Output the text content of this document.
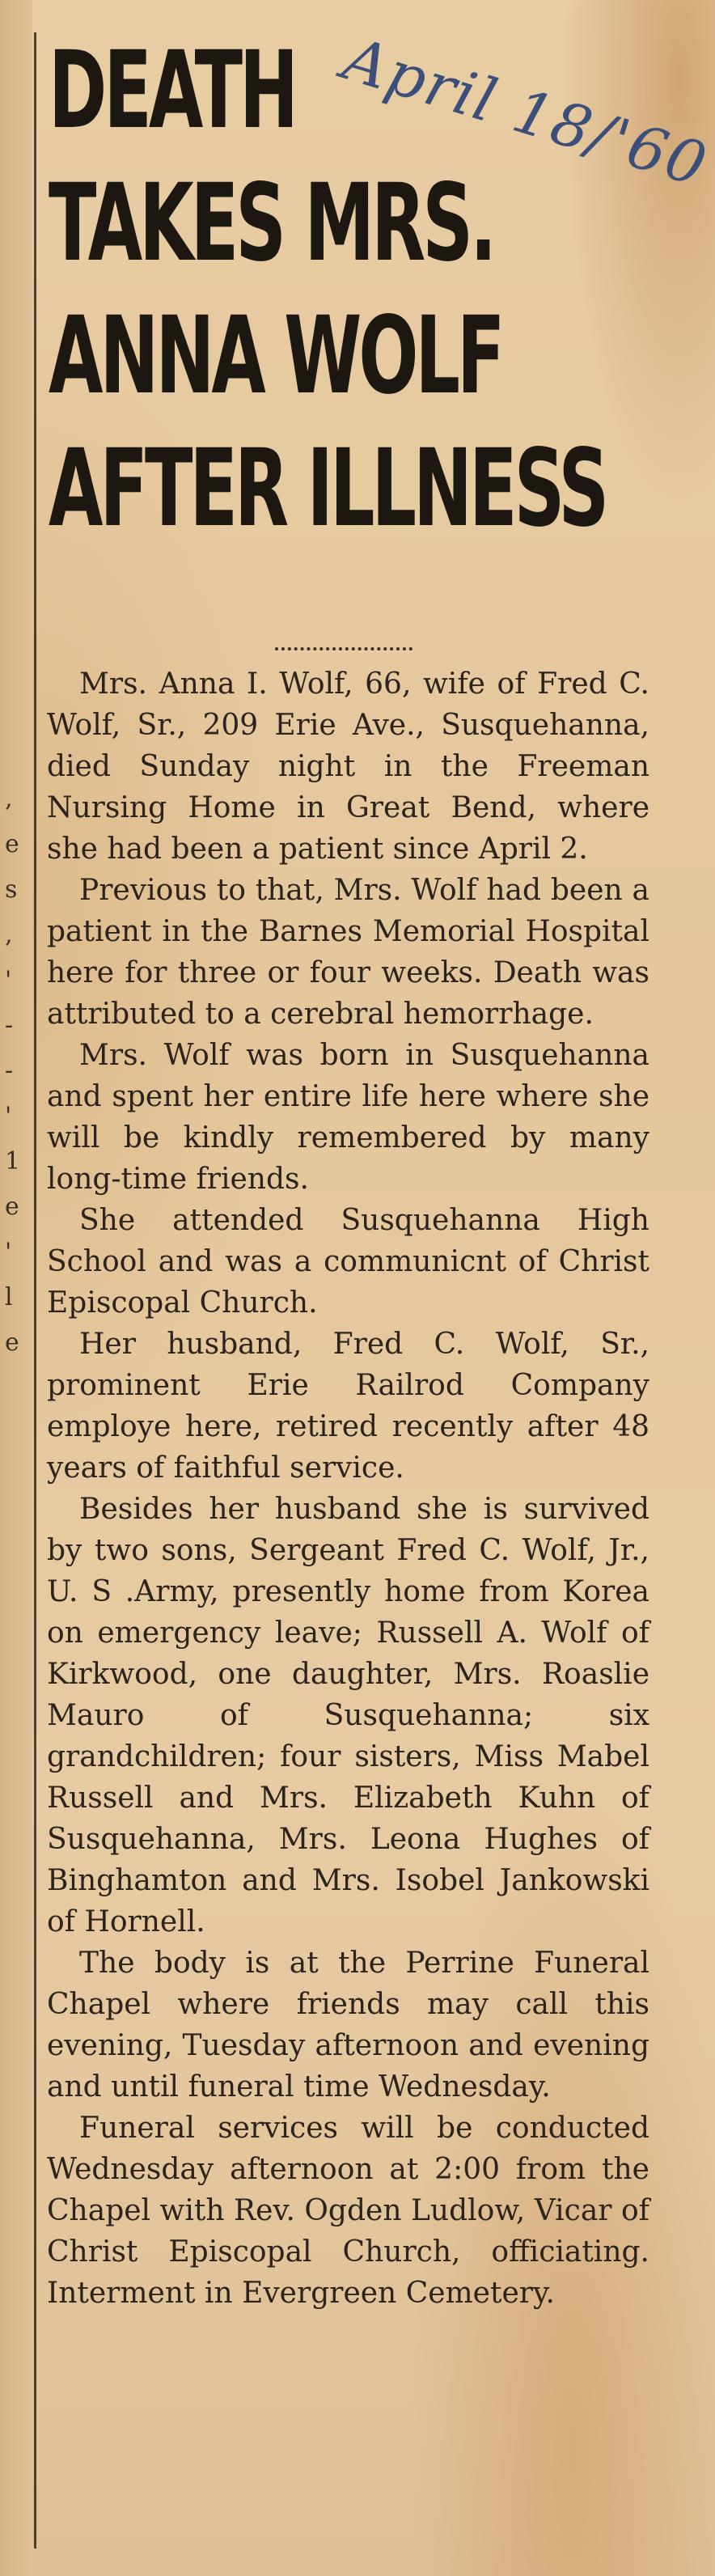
,
e
s
,
'
-
-
'
1
e
'
l
e
April 18/'60
DEATH
TAKES MRS.
ANNA WOLF
AFTER ILLNESS

Mrs. Anna I. Wolf, 66, wife of Fred C. Wolf, Sr., 209 Erie Ave., Susquehanna, died Sunday night in the Freeman Nursing Home in Great Bend, where she had been a patient since April 2.

Previous to that, Mrs. Wolf had been a patient in the Barnes Memorial Hospital here for three or four weeks. Death was attributed to a cerebral hemorrhage.

Mrs. Wolf was born in Susquehanna and spent her entire life here where she will be kindly remembered by many long-time friends.

She attended Susquehanna High School and was a communicnt of Christ Episcopal Church.

Her husband, Fred C. Wolf, Sr., prominent Erie Railrod Company employe here, retired recently after 48 years of faithful service.

Besides her husband she is survived by two sons, Sergeant Fred C. Wolf, Jr., U. S .Army, presently home from Korea on emergency leave; Russell A. Wolf of Kirkwood, one daughter, Mrs. Roaslie Mauro of Susquehanna; six grandchildren; four sisters, Miss Mabel Russell and Mrs. Elizabeth Kuhn of Susquehanna, Mrs. Leona Hughes of Binghamton and Mrs. Isobel Jankowski of Hornell.

The body is at the Perrine Funeral Chapel where friends may call this evening, Tuesday afternoon and evening and until funeral time Wednesday.

Funeral services will be conducted Wednesday afternoon at 2:00 from the Chapel with Rev. Ogden Ludlow, Vicar of Christ Episcopal Church, officiating. Interment in Evergreen Cemetery.
